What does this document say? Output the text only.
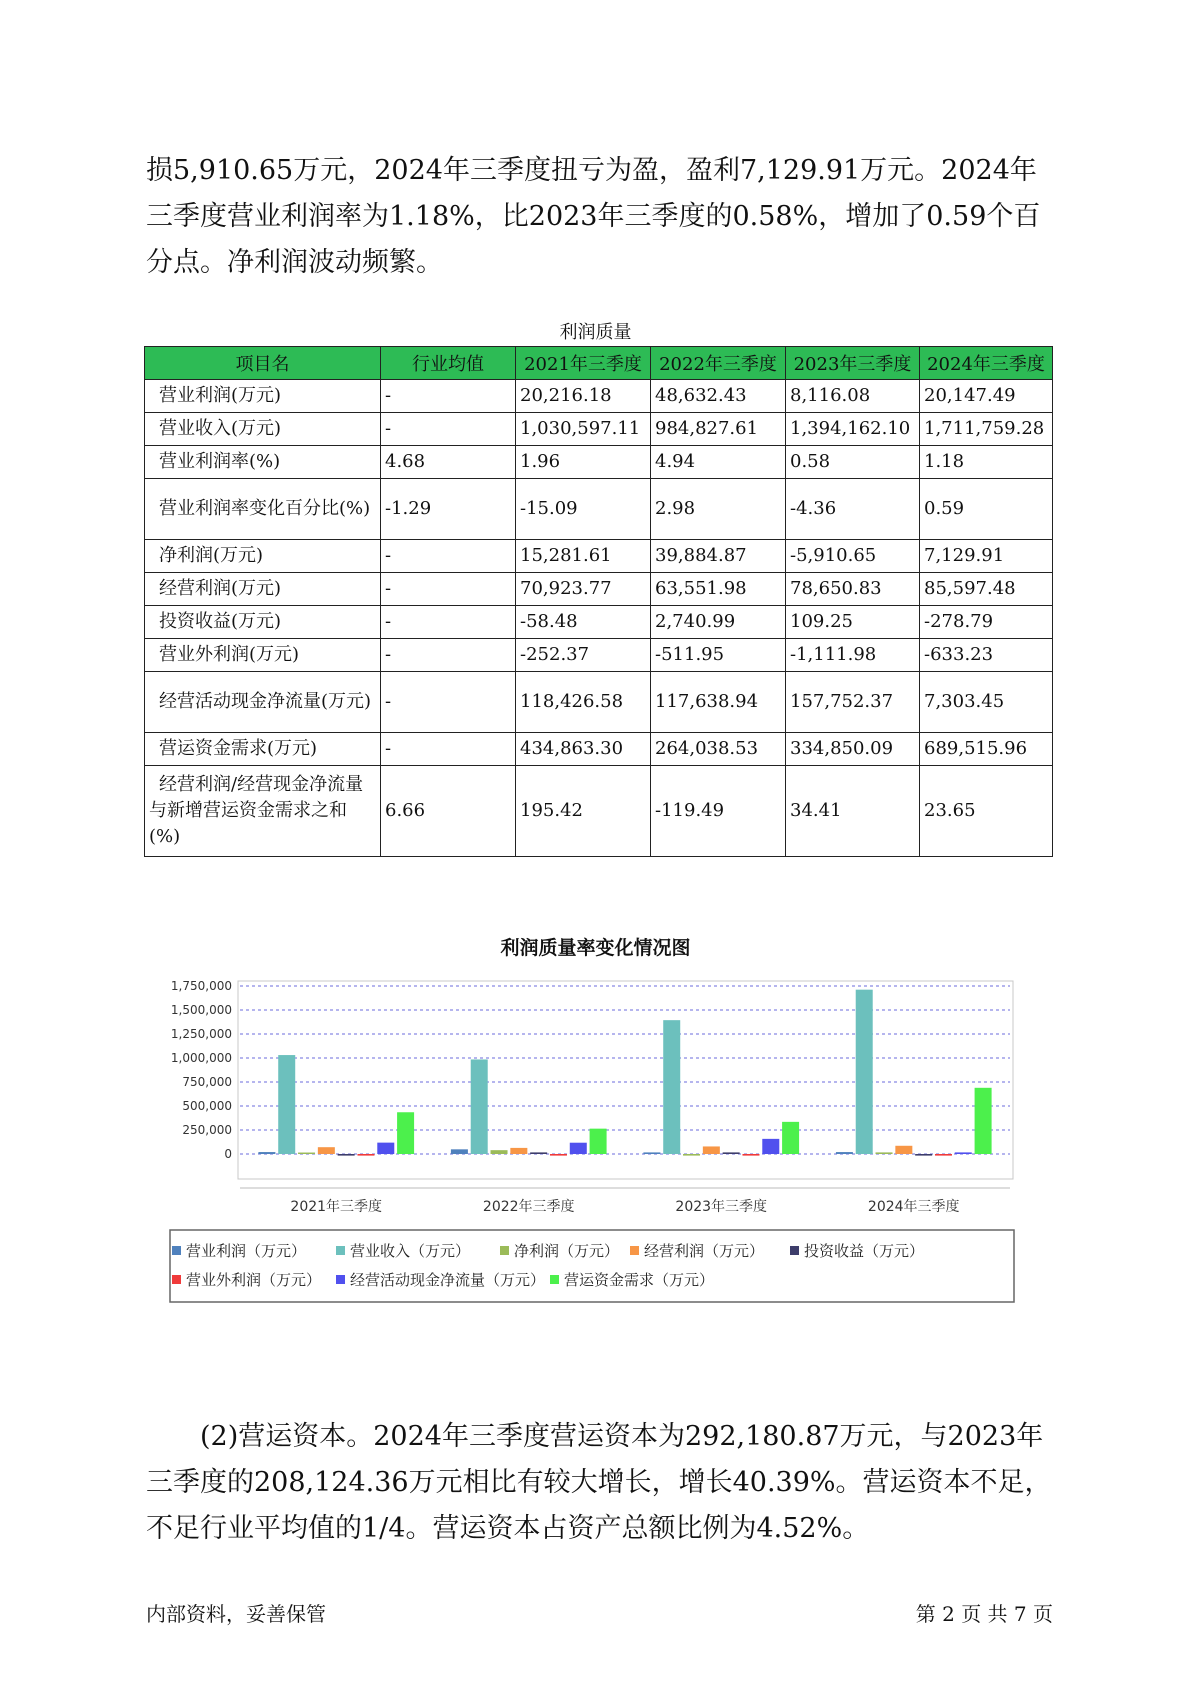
损5,910.65万元，2024年三季度扭亏为盈，盈利7,129.91万元。2024年三季度营业利润率为1.18%，比2023年三季度的0.58%，增加了0.59个百分点。净利润波动频繁。

利润质量
项目名	行业均值	2021年三季度	2022年三季度	2023年三季度	2024年三季度
营业利润(万元)	-	20,216.18	48,632.43	8,116.08	20,147.49
营业收入(万元)	-	1,030,597.11	984,827.61	1,394,162.10	1,711,759.28
营业利润率(%)	4.68	1.96	4.94	0.58	1.18
营业利润率变化百分比(%)	-1.29	-15.09	2.98	-4.36	0.59
净利润(万元)	-	15,281.61	39,884.87	-5,910.65	7,129.91
经营利润(万元)	-	70,923.77	63,551.98	78,650.83	85,597.48
投资收益(万元)	-	-58.48	2,740.99	109.25	-278.79
营业外利润(万元)	-	-252.37	-511.95	-1,111.98	-633.23
经营活动现金净流量(万元)	-	118,426.58	117,638.94	157,752.37	7,303.45
营运资金需求(万元)	-	434,863.30	264,038.53	334,850.09	689,515.96
经营利润/经营现金净流量与新增营运资金需求之和(%)	6.66	195.42	-119.49	34.41	23.65
利润质量率变化情况图
0
250,000
500,000
750,000
1,000,000
1,250,000
1,500,000
1,750,000
2021年三季度	2022年三季度	2023年三季度	2024年三季度
营业利润（万元）	营业收入（万元）	净利润（万元） 经营利润（万元）	投资收益（万元）
营业外利润（万元） 经营活动现金净流量（万元） 营运资金需求（万元）

(2)营运资本。2024年三季度营运资本为292,180.87万元，与2023年三季度的208,124.36万元相比有较大增长，增长40.39%。营运资本不足，不足行业平均值的1/4。营运资本占资产总额比例为4.52%。

内部资料，妥善保管	第 2 页 共 7 页
